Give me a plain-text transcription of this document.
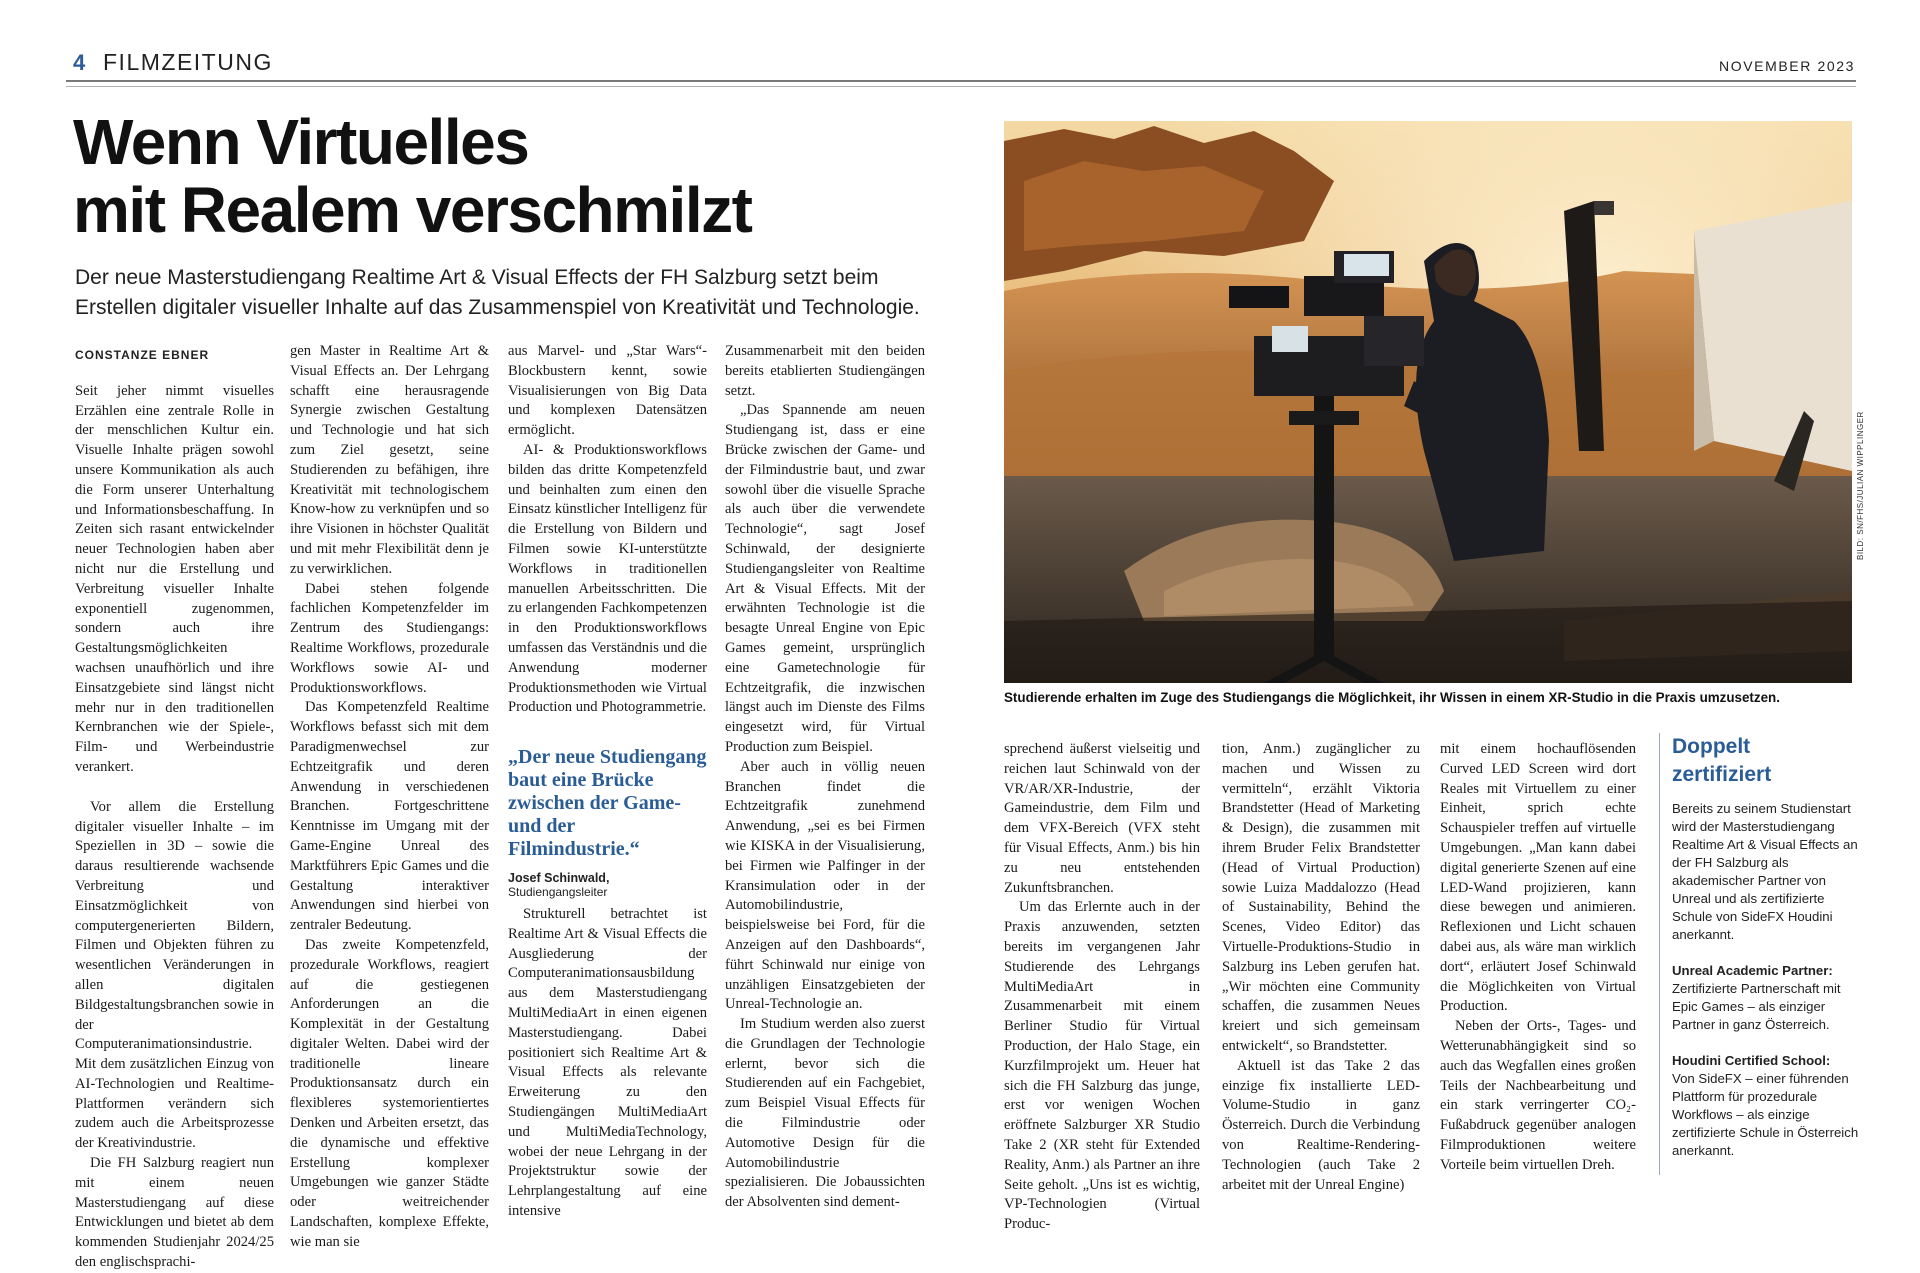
4 FILMZEITUNG	NOVEMBER 2023
Wenn Virtuelles
mit Realem verschmilzt
Der neue Masterstudiengang Realtime Art & Visual Effects der FH Salzburg setzt beim
Erstellen digitaler visueller Inhalte auf das Zusammenspiel von Kreativität und Technologie.
CONSTANZE EBNER

Seit jeher nimmt visuelles Erzählen eine zentrale Rolle in der menschlichen Kultur ein. Visuelle Inhalte prägen sowohl unsere Kommunikation als auch die Form unserer Unterhaltung und Informationsbeschaffung. In Zeiten sich rasant entwickelnder neuer Technologien haben aber nicht nur die Erstellung und Verbreitung visueller Inhalte exponentiell zugenommen, sondern auch ihre Gestaltungsmöglichkeiten wachsen unaufhörlich und ihre Einsatzgebiete sind längst nicht mehr nur in den traditionellen Kernbranchen wie der Spiele-, Film- und Werbeindustrie verankert.

Vor allem die Erstellung digitaler visueller Inhalte – im Speziellen in 3D – sowie die daraus resultierende wachsende Verbreitung und Einsatzmöglichkeit von computergenerierten Bildern, Filmen und Objekten führen zu wesentlichen Veränderungen in allen digitalen Bildgestaltungsbranchen sowie in der Computeranimationsindustrie. Mit dem zusätzlichen Einzug von AI-Technologien und Realtime-Plattformen verändern sich zudem auch die Arbeitsprozesse der Kreativindustrie.

Die FH Salzburg reagiert nun mit einem neuen Masterstudiengang auf diese Entwicklungen und bietet ab dem kommenden Studienjahr 2024/25 den englischsprachi-

gen Master in Realtime Art & Visual Effects an. Der Lehrgang schafft eine herausragende Synergie zwischen Gestaltung und Technologie und hat sich zum Ziel gesetzt, seine Studierenden zu befähigen, ihre Kreativität mit technologischem Know-how zu verknüpfen und so ihre Visionen in höchster Qualität und mit mehr Flexibilität denn je zu verwirklichen.

Dabei stehen folgende fachlichen Kompetenzfelder im Zentrum des Studiengangs: Realtime Workflows, prozedurale Workflows sowie AI- und Produktionsworkflows.

Das Kompetenzfeld Realtime Workflows befasst sich mit dem Paradigmenwechsel zur Echtzeitgrafik und deren Anwendung in verschiedenen Branchen. Fortgeschrittene Kenntnisse im Umgang mit der Game-Engine Unreal des Marktführers Epic Games und die Gestaltung interaktiver Anwendungen sind hierbei von zentraler Bedeutung.

Das zweite Kompetenzfeld, prozedurale Workflows, reagiert auf die gestiegenen Anforderungen an die Komplexität in der Gestaltung digitaler Welten. Dabei wird der traditionelle lineare Produktionsansatz durch ein flexibleres systemorientiertes Denken und Arbeiten ersetzt, das die dynamische und effektive Erstellung komplexer Umgebungen wie ganzer Städte oder weitreichender Landschaften, komplexe Effekte, wie man sie

aus Marvel- und „Star Wars“-Blockbustern kennt, sowie Visualisierungen von Big Data und komplexen Datensätzen ermöglicht.

AI- & Produktionsworkflows bilden das dritte Kompetenzfeld und beinhalten zum einen den Einsatz künstlicher Intelligenz für die Erstellung von Bildern und Filmen sowie KI-unterstützte Workflows in traditionellen manuellen Arbeitsschritten. Die zu erlangenden Fachkompetenzen in den Produktionsworkflows umfassen das Verständnis und die Anwendung moderner Produktionsmethoden wie Virtual Production und Photogrammetrie.

„Der neue Studiengang baut eine Brücke zwischen der Game- und der Filmindustrie.“
Josef Schinwald,
Studiengangsleiter

Strukturell betrachtet ist Realtime Art & Visual Effects die Ausgliederung der Computeranimationsausbildung aus dem Masterstudiengang MultiMediaArt in einen eigenen Masterstudiengang. Dabei positioniert sich Realtime Art & Visual Effects als relevante Erweiterung zu den Studiengängen MultiMediaArt und MultiMediaTechnology, wobei der neue Lehrgang in der Projektstruktur sowie der Lehrplangestaltung auf eine intensive

Zusammenarbeit mit den beiden bereits etablierten Studiengängen setzt.

„Das Spannende am neuen Studiengang ist, dass er eine Brücke zwischen der Game- und der Filmindustrie baut, und zwar sowohl über die visuelle Sprache als auch über die verwendete Technologie“, sagt Josef Schinwald, der designierte Studiengangsleiter von Realtime Art & Visual Effects. Mit der erwähnten Technologie ist die besagte Unreal Engine von Epic Games gemeint, ursprünglich eine Gametechnologie für Echtzeitgrafik, die inzwischen längst auch im Dienste des Films eingesetzt wird, für Virtual Production zum Beispiel.

Aber auch in völlig neuen Branchen findet die Echtzeitgrafik zunehmend Anwendung, „sei es bei Firmen wie KISKA in der Visualisierung, bei Firmen wie Palfinger in der Kransimulation oder in der Automobilindustrie, beispielsweise bei Ford, für die Anzeigen auf den Dashboards“, führt Schinwald nur einige von unzähligen Einsatzgebieten der Unreal-Technologie an.

Im Studium werden also zuerst die Grundlagen der Technologie erlernt, bevor sich die Studierenden auf ein Fachgebiet, zum Beispiel Visual Effects für die Filmindustrie oder Automotive Design für die Automobilindustrie spezialisieren. Die Jobaussichten der Absolventen sind dement-

BILD: SN/FHS/JULIAN WIPPLINGER
Studierende erhalten im Zuge des Studiengangs die Möglichkeit, ihr Wissen in einem XR-Studio in die Praxis umzusetzen.

sprechend äußerst vielseitig und reichen laut Schinwald von der VR/AR/XR-Industrie, der Gameindustrie, dem Film und dem VFX-Bereich (VFX steht für Visual Effects, Anm.) bis hin zu neu entstehenden Zukunftsbranchen.

Um das Erlernte auch in der Praxis anzuwenden, setzten bereits im vergangenen Jahr Studierende des Lehrgangs MultiMediaArt in Zusammenarbeit mit einem Berliner Studio für Virtual Production, der Halo Stage, ein Kurzfilmprojekt um. Heuer hat sich die FH Salzburg das junge, erst vor wenigen Wochen eröffnete Salzburger XR Studio Take 2 (XR steht für Extended Reality, Anm.) als Partner an ihre Seite geholt. „Uns ist es wichtig, VP-Technologien (Virtual Produc-

tion, Anm.) zugänglicher zu machen und Wissen zu vermitteln“, erzählt Viktoria Brandstetter (Head of Marketing & Design), die zusammen mit ihrem Bruder Felix Brandstetter (Head of Virtual Production) sowie Luiza Maddalozzo (Head of Sustainability, Behind the Scenes, Video Editor) das Virtuelle-Produktions-Studio in Salzburg ins Leben gerufen hat. „Wir möchten eine Community schaffen, die zusammen Neues kreiert und sich gemeinsam entwickelt“, so Brandstetter.

Aktuell ist das Take 2 das einzige fix installierte LED-Volume-Studio in ganz Österreich. Durch die Verbindung von Realtime-Rendering-Technologien (auch Take 2 arbeitet mit der Unreal Engine)

mit einem hochauflösenden Curved LED Screen wird dort Reales mit Virtuellem zu einer Einheit, sprich echte Schauspieler treffen auf virtuelle Umgebungen. „Man kann dabei digital generierte Szenen auf eine LED-Wand projizieren, kann diese bewegen und animieren. Reflexionen und Licht schauen dabei aus, als wäre man wirklich dort“, erläutert Josef Schinwald die Möglichkeiten von Virtual Production.

Neben der Orts-, Tages- und Wetterunabhängigkeit sind so auch das Wegfallen eines großen Teils der Nachbearbeitung und ein stark verringerter CO₂-Fußabdruck gegenüber analogen Filmproduktionen weitere Vorteile beim virtuellen Dreh.

Doppelt
zertifiziert

Bereits zu seinem Studienstart wird der Masterstudiengang Realtime Art & Visual Effects an der FH Salzburg als akademischer Partner von Unreal und als zertifizierte Schule von SideFX Houdini anerkannt.

Unreal Academic Partner:
Zertifizierte Partnerschaft mit Epic Games – als einziger Partner in ganz Österreich.

Houdini Certified School:
Von SideFX – einer führenden Plattform für prozedurale Workflows – als einzige zertifizierte Schule in Österreich anerkannt.
